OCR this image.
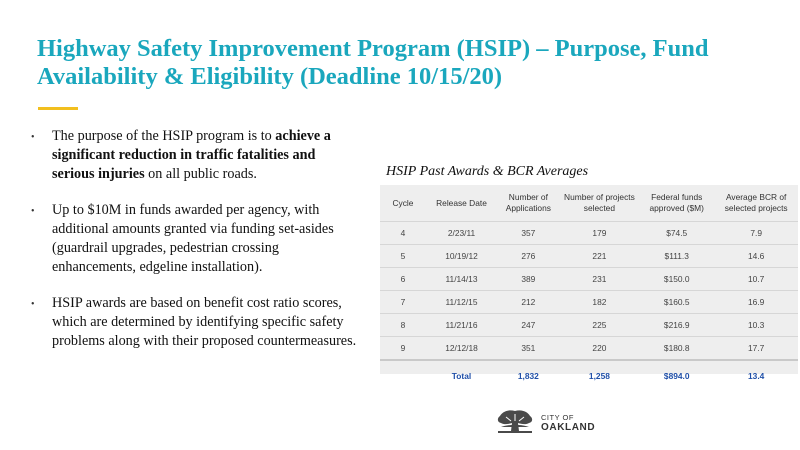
Highway Safety Improvement Program (HSIP) – Purpose, Fund Availability & Eligibility (Deadline 10/15/20)
• The purpose of the HSIP program is to achieve a significant reduction in traffic fatalities and serious injuries on all public roads.
• Up to $10M in funds awarded per agency, with additional amounts granted via funding set-asides (guardrail upgrades, pedestrian crossing enhancements, edgeline installation).
• HSIP awards are based on benefit cost ratio scores, which are determined by identifying specific safety problems along with their proposed countermeasures.
HSIP Past Awards & BCR Averages
Cycle	Release Date	Number of Applications	Number of projects selected	Federal funds approved ($M)	Average BCR of selected projects
4	2/23/11	357	179	$74.5	7.9
5	10/19/12	276	221	$111.3	14.6
6	11/14/13	389	231	$150.0	10.7
7	11/12/15	212	182	$160.5	16.9
8	11/21/16	247	225	$216.9	10.3
9	12/12/18	351	220	$180.8	17.7
	Total	1,832	1,258	$894.0	13.4
CITY OF
OAKLAND
